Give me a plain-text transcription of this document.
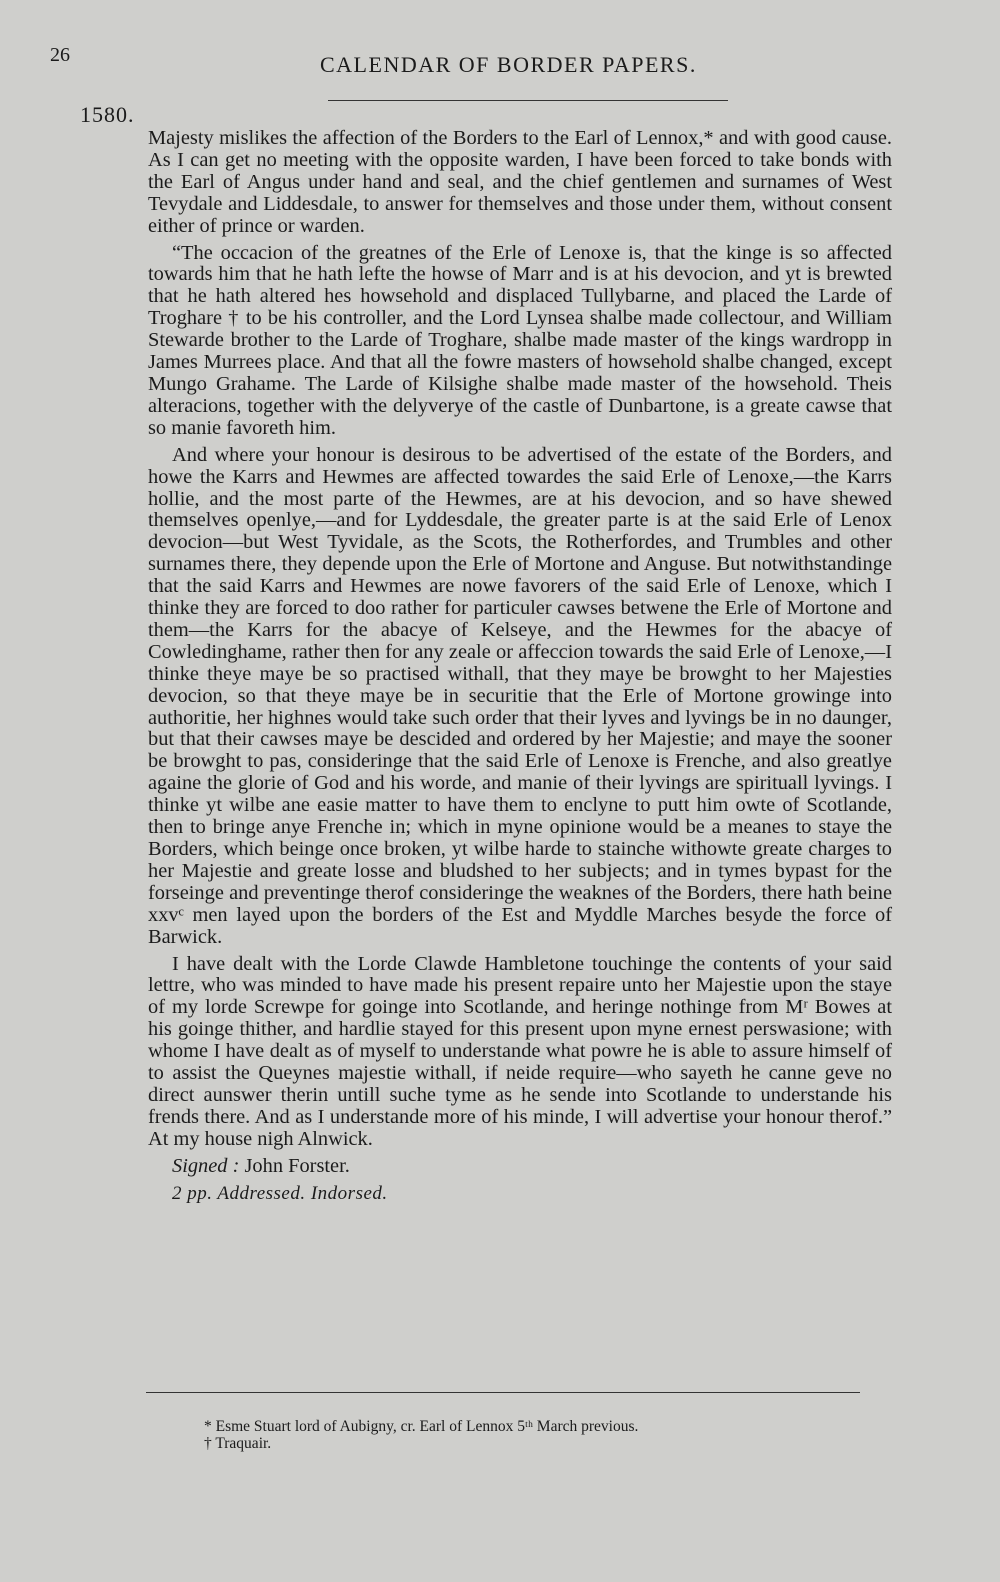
26	CALENDAR OF BORDER PAPERS.
1580.

Majesty mislikes the affection of the Borders to the Earl of Lennox,* and with good cause. As I can get no meeting with the opposite warden, I have been forced to take bonds with the Earl of Angus under hand and seal, and the chief gentlemen and surnames of West Tevydale and Liddesdale, to answer for themselves and those under them, without consent either of prince or warden.

“The occacion of the greatnes of the Erle of Lenoxe is, that the kinge is so affected towards him that he hath lefte the howse of Marr and is at his devocion, and yt is brewted that he hath altered hes howsehold and displaced Tullybarne, and placed the Larde of Troghare † to be his controller, and the Lord Lynsea shalbe made collectour, and William Stewarde brother to the Larde of Troghare, shalbe made master of the kings wardropp in James Murrees place. And that all the fowre masters of howsehold shalbe changed, except Mungo Grahame. The Larde of Kilsighe shalbe made master of the howsehold. Theis alteracions, together with the delyverye of the castle of Dunbartone, is a greate cawse that so manie favoreth him.

And where your honour is desirous to be advertised of the estate of the Borders, and howe the Karrs and Hewmes are affected towardes the said Erle of Lenoxe,—the Karrs hollie, and the most parte of the Hewmes, are at his devocion, and so have shewed themselves openlye,—and for Lyddesdale, the greater parte is at the said Erle of Lenox devocion—but West Tyvidale, as the Scots, the Rotherfordes, and Trumbles and other surnames there, they depende upon the Erle of Mortone and Anguse. But notwithstandinge that the said Karrs and Hewmes are nowe favorers of the said Erle of Lenoxe, which I thinke they are forced to doo rather for particuler cawses betwene the Erle of Mortone and them—the Karrs for the abacye of Kelseye, and the Hewmes for the abacye of Cowledinghame, rather then for any zeale or affeccion towards the said Erle of Lenoxe,—I thinke theye maye be so practised withall, that they maye be browght to her Majesties devocion, so that theye maye be in securitie that the Erle of Mortone growinge into authoritie, her highnes would take such order that their lyves and lyvings be in no daunger, but that their cawses maye be descided and ordered by her Majestie; and maye the sooner be browght to pas, consideringe that the said Erle of Lenoxe is Frenche, and also greatlye againe the glorie of God and his worde, and manie of their lyvings are spirituall lyvings. I thinke yt wilbe ane easie matter to have them to enclyne to putt him owte of Scotlande, then to bringe anye Frenche in; which in myne opinione would be a meanes to staye the Borders, which beinge once broken, yt wilbe harde to stainche withowte greate charges to her Majestie and greate losse and bludshed to her subjects; and in tymes bypast for the forseinge and preventinge therof consideringe the weaknes of the Borders, there hath beine xxvᶜ men layed upon the borders of the Est and Myddle Marches besyde the force of Barwick.

I have dealt with the Lorde Clawde Hambletone touchinge the contents of your said lettre, who was minded to have made his present repaire unto her Majestie upon the staye of my lorde Screwpe for goinge into Scotlande, and heringe nothinge from Mʳ Bowes at his goinge thither, and hardlie stayed for this present upon myne ernest perswasione; with whome I have dealt as of myself to understande what powre he is able to assure himself of to assist the Queynes majestie withall, if neide require—who sayeth he canne geve no direct aunswer therin untill suche tyme as he sende into Scotlande to understande his frends there. And as I understande more of his minde, I will advertise your honour therof.” At my house nigh Alnwick.

Signed : John Forster.

2 pp. Addressed. Indorsed.

* Esme Stuart lord of Aubigny, cr. Earl of Lennox 5ᵗʰ March previous.
† Traquair.
